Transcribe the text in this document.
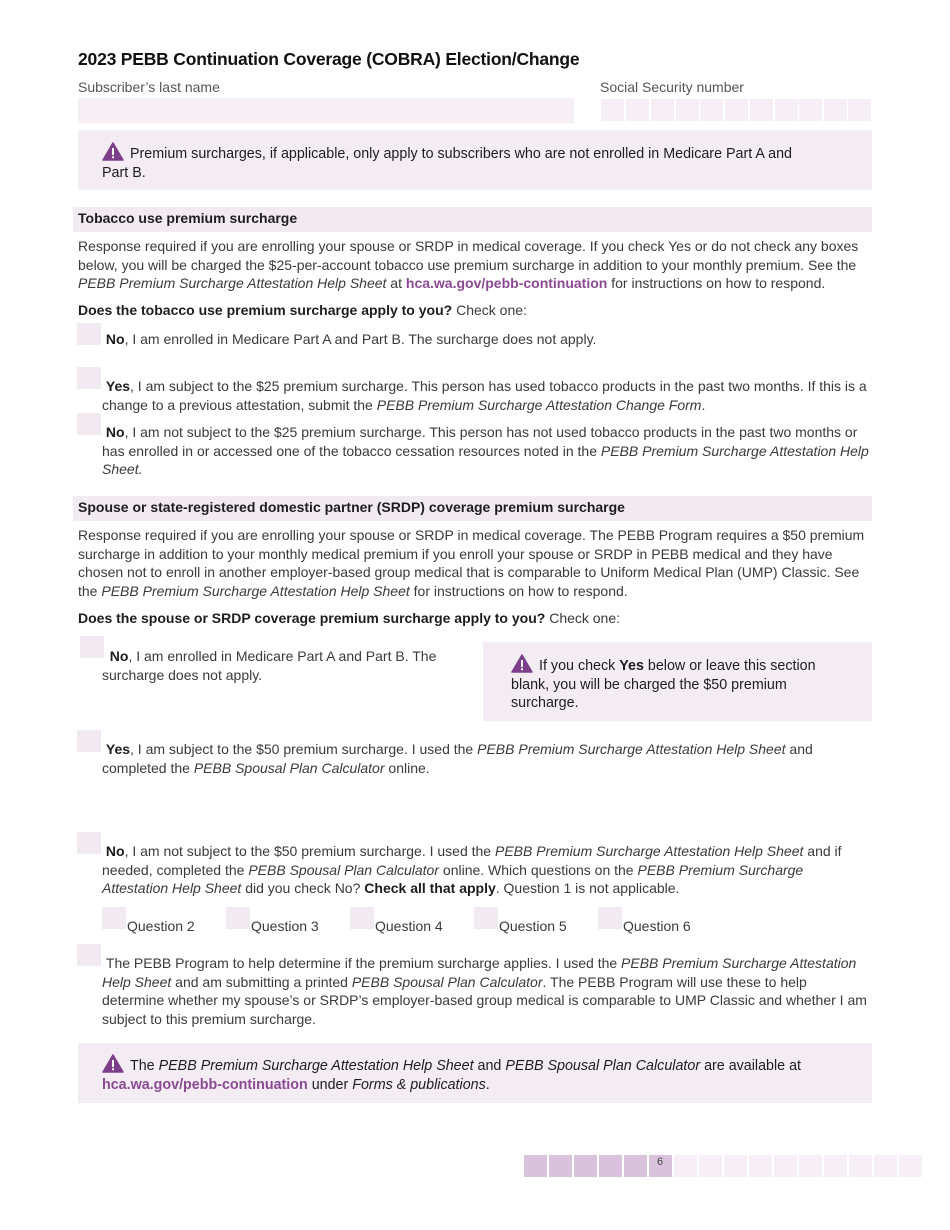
2023 PEBB Continuation Coverage (COBRA) Election/Change
Subscriber’s last name	Social Security number
Premium surcharges, if applicable, only apply to subscribers who are not enrolled in Medicare Part A and Part B.
Tobacco use premium surcharge
Response required if you are enrolling your spouse or SRDP in medical coverage. If you check Yes or do not check any boxes below, you will be charged the $25-per-account tobacco use premium surcharge in addition to your monthly premium. See the PEBB Premium Surcharge Attestation Help Sheet at hca.wa.gov/pebb-continuation for instructions on how to respond.
Does the tobacco use premium surcharge apply to you? Check one:
No, I am enrolled in Medicare Part A and Part B. The surcharge does not apply.
Yes, I am subject to the $25 premium surcharge. This person has used tobacco products in the past two months. If this is a change to a previous attestation, submit the PEBB Premium Surcharge Attestation Change Form.
No, I am not subject to the $25 premium surcharge. This person has not used tobacco products in the past two months or has enrolled in or accessed one of the tobacco cessation resources noted in the PEBB Premium Surcharge Attestation Help Sheet.
Spouse or state-registered domestic partner (SRDP) coverage premium surcharge
Response required if you are enrolling your spouse or SRDP in medical coverage. The PEBB Program requires a $50 premium surcharge in addition to your monthly medical premium if you enroll your spouse or SRDP in PEBB medical and they have chosen not to enroll in another employer-based group medical that is comparable to Uniform Medical Plan (UMP) Classic. See the PEBB Premium Surcharge Attestation Help Sheet for instructions on how to respond.
Does the spouse or SRDP coverage premium surcharge apply to you? Check one:
No, I am enrolled in Medicare Part A and Part B. The surcharge does not apply.
If you check Yes below or leave this section blank, you will be charged the $50 premium surcharge.
Yes, I am subject to the $50 premium surcharge. I used the PEBB Premium Surcharge Attestation Help Sheet and completed the PEBB Spousal Plan Calculator online.
No, I am not subject to the $50 premium surcharge. I used the PEBB Premium Surcharge Attestation Help Sheet and if needed, completed the PEBB Spousal Plan Calculator online. Which questions on the PEBB Premium Surcharge Attestation Help Sheet did you check No? Check all that apply. Question 1 is not applicable.
Question 2	Question 3	Question 4	Question 5	Question 6
The PEBB Program to help determine if the premium surcharge applies. I used the PEBB Premium Surcharge Attestation Help Sheet and am submitting a printed PEBB Spousal Plan Calculator. The PEBB Program will use these to help determine whether my spouse’s or SRDP’s employer-based group medical is comparable to UMP Classic and whether I am subject to this premium surcharge.
The PEBB Premium Surcharge Attestation Help Sheet and PEBB Spousal Plan Calculator are available at
hca.wa.gov/pebb-continuation under Forms & publications.
6
